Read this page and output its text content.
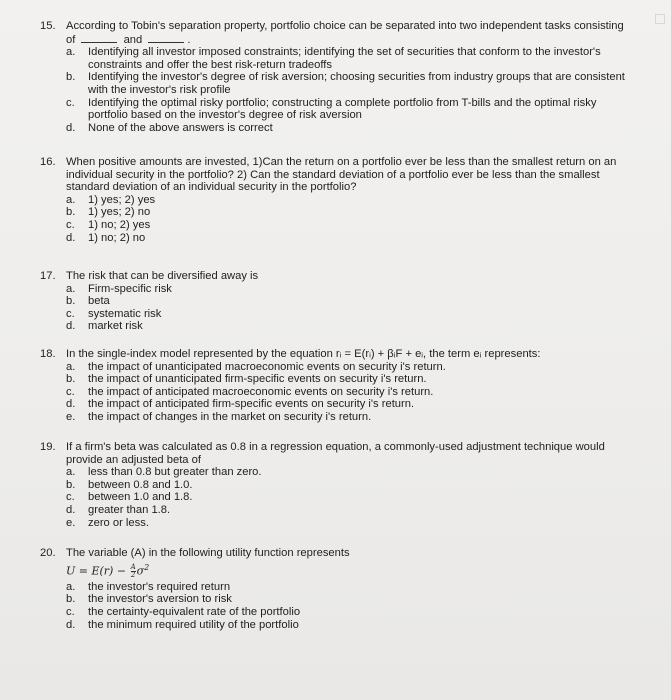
15. According to Tobin's separation property, portfolio choice can be separated into two independent tasks consisting of	and	.
a.	Identifying all investor imposed constraints; identifying the set of securities that conform to the investor's constraints and offer the best risk-return tradeoffs
b.	Identifying the investor's degree of risk aversion; choosing securities from industry groups that are consistent with the investor's risk profile
c.	Identifying the optimal risky portfolio; constructing a complete portfolio from T-bills and the optimal risky portfolio based on the investor's degree of risk aversion
d.	None of the above answers is correct
16. When positive amounts are invested, 1)Can the return on a portfolio ever be less than the smallest return on an individual security in the portfolio? 2) Can the standard deviation of a portfolio ever be less than the smallest standard deviation of an individual security in the portfolio?
a.	1) yes; 2) yes
b.	1) yes; 2) no
c.	1) no; 2) yes
d.	1) no; 2) no
17. The risk that can be diversified away is
a.	Firm-specific risk
b.	beta
c.	systematic risk
d.	market risk
18. In the single-index model represented by the equation rᵢ = E(rᵢ) + βᵢF + eᵢ, the term eᵢ represents:
a.	the impact of unanticipated macroeconomic events on security i's return.
b.	the impact of unanticipated firm-specific events on security i's return.
c.	the impact of anticipated macroeconomic events on security i's return.
d.	the impact of anticipated firm-specific events on security i's return.
e.	the impact of changes in the market on security i's return.
19. If a firm's beta was calculated as 0.8 in a regression equation, a commonly-used adjustment technique would provide an adjusted beta of
a.	less than 0.8 but greater than zero.
b.	between 0.8 and 1.0.
c.	between 1.0 and 1.8.
d.	greater than 1.8.
e.	zero or less.
20. The variable (A) in the following utility function represents
$U = E(r) - \frac{A}{2} \sigma^2$
a.	the investor's required return
b.	the investor's aversion to risk
c.	the certainty-equivalent rate of the portfolio
d.	the minimum required utility of the portfolio
